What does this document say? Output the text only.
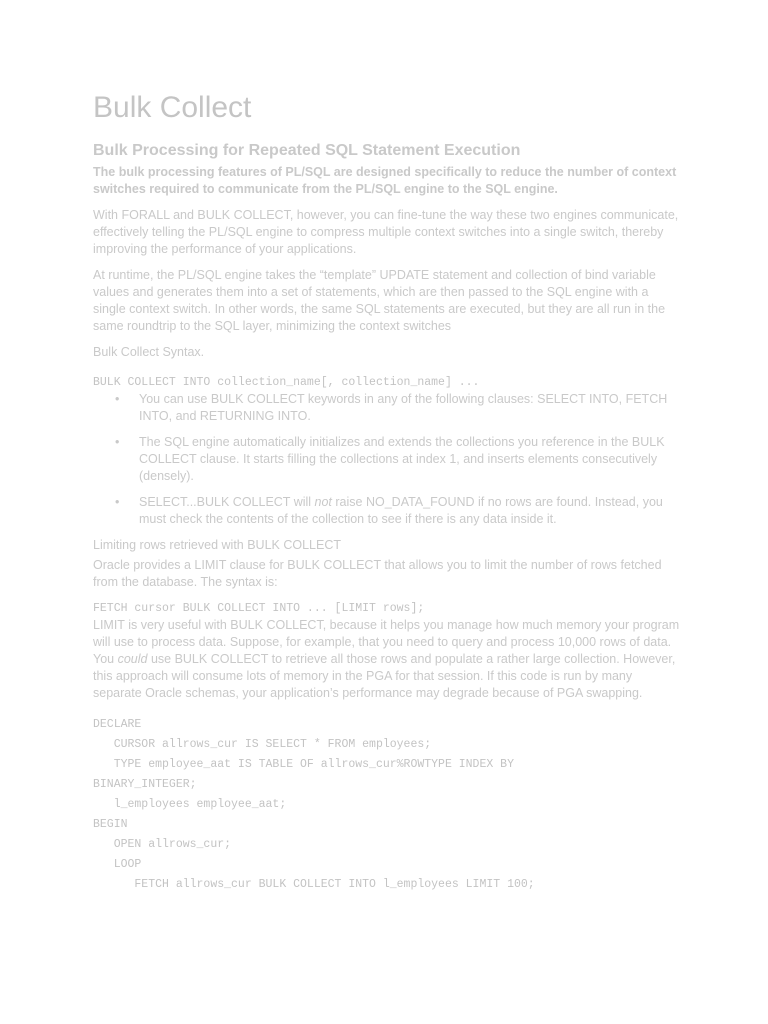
Bulk Collect
Bulk Processing for Repeated SQL Statement Execution

The bulk processing features of PL/SQL are designed specifically to reduce the number of context switches required to communicate from the PL/SQL engine to the SQL engine.

With FORALL and BULK COLLECT, however, you can fine-tune the way these two engines communicate, effectively telling the PL/SQL engine to compress multiple context switches into a single switch, thereby improving the performance of your applications.

At runtime, the PL/SQL engine takes the “template” UPDATE statement and collection of bind variable values and generates them into a set of statements, which are then passed to the SQL engine with a single context switch. In other words, the same SQL statements are executed, but they are all run in the same roundtrip to the SQL layer, minimizing the context switches

Bulk Collect Syntax.
BULK COLLECT INTO collection_name[, collection_name] ...
• You can use BULK COLLECT keywords in any of the following clauses: SELECT INTO, FETCH INTO, and RETURNING INTO.
• The SQL engine automatically initializes and extends the collections you reference in the BULK COLLECT clause. It starts filling the collections at index 1, and inserts elements consecutively (densely).
• SELECT...BULK COLLECT will not raise NO_DATA_FOUND if no rows are found. Instead, you must check the contents of the collection to see if there is any data inside it.
Limiting rows retrieved with BULK COLLECT

Oracle provides a LIMIT clause for BULK COLLECT that allows you to limit the number of rows fetched from the database. The syntax is:

FETCH cursor BULK COLLECT INTO ... [LIMIT rows];

LIMIT is very useful with BULK COLLECT, because it helps you manage how much memory your program will use to process data. Suppose, for example, that you need to query and process 10,000 rows of data. You could use BULK COLLECT to retrieve all those rows and populate a rather large collection. However, this approach will consume lots of memory in the PGA for that session. If this code is run by many separate Oracle schemas, your application’s performance may degrade because of PGA swapping.

DECLARE
CURSOR allrows_cur IS SELECT * FROM employees;
TYPE employee_aat IS TABLE OF allrows_cur%ROWTYPE INDEX BY
BINARY_INTEGER;
l_employees employee_aat;
BEGIN
OPEN allrows_cur;
LOOP
FETCH allrows_cur BULK COLLECT INTO l_employees LIMIT 100;
